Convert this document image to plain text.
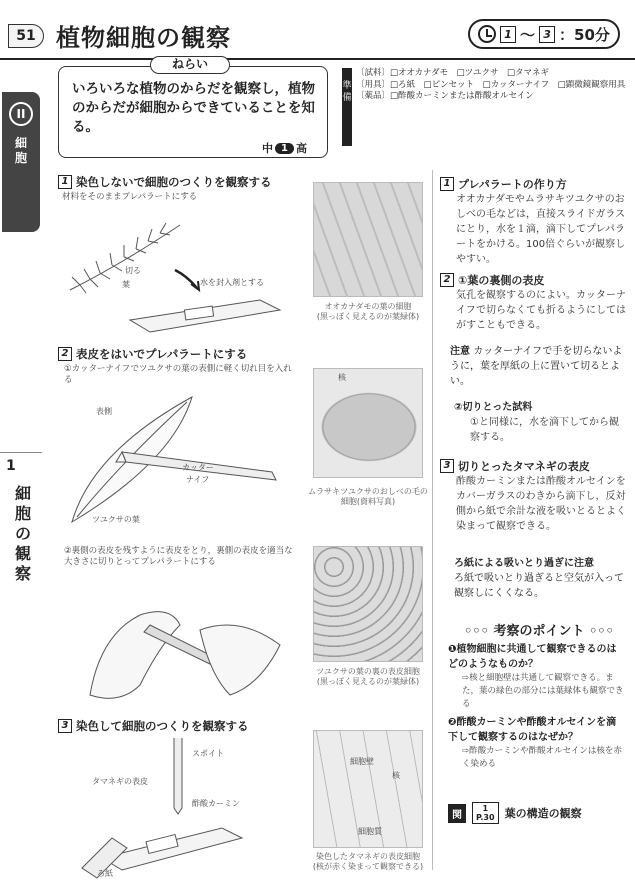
51 植物細胞の観察	1 〜 3 ：50分
II
細胞
1
細胞の観察
ねらい
いろいろな植物のからだを観察し，植物のからだが細胞からできていることを知る。
中 1 高
準備
〔試料〕□オオカナダモ　□ツユクサ　□タマネギ
〔用具〕□ろ紙　□ピンセット　□カッターナイフ　□顕微鏡観察用具
〔薬品〕□酢酸カーミンまたは酢酸オルセイン
1 染色しないで細胞のつくりを観察する
材料をそのままプレパラートにする
切る
葉	水を封入剤とする
2 表皮をはいでプレパラートにする
①カッターナイフでツユクサの葉の表側に軽く切れ目を入れる
表側
カッター
ナイフ
ツユクサの葉
②裏側の表皮を残すように表皮をとり，裏側の表皮を適当な大きさに切りとってプレパラートにする
3 染色して細胞のつくりを観察する
スポイト
タマネギの表皮
酢酸カーミン
ろ紙
オオカナダモの葉の細胞
(黒っぽく見えるのが葉緑体)
核
ムラサキツユクサのおしべの毛の細胞(資料写真)
ツユクサの葉の裏の表皮細胞
(黒っぽく見えるのが葉緑体)
細胞壁
核
細胞質
染色したタマネギの表皮細胞
(核が赤く染まって観察できる)
1 プレパラートの作り方
オオカナダモやムラサキツユクサのおしべの毛などは，直接スライドガラスにとり，水を１滴，滴下してプレパラートをかける。100倍ぐらいが観察しやすい。
2 ①葉の裏側の表皮
気孔を観察するのによい。カッターナイフで切らなくても折るようにしてはがすこともできる。
注意 カッターナイフで手を切らないように，葉を厚紙の上に置いて切るとよい。
②切りとった試料
①と同様に，水を滴下してから観察する。
3 切りとったタマネギの表皮
酢酸カーミンまたは酢酸オルセインをカバーガラスのわきから滴下し，反対側から紙で余計な液を吸いとるとよく染まって観察できる。
ろ紙による吸いとり過ぎに注意
ろ紙で吸いとり過ぎると空気が入って観察しにくくなる。
◦◦◦ 考察のポイント ◦◦◦
❶植物細胞に共通して観察できるのはどのようなものか？
⇨核と細胞壁は共通して観察できる。また，葉の緑色の部分には葉緑体も観察できる
❷酢酸カーミンや酢酸オルセインを滴下して観察するのはなぜか？
⇨酢酸カーミンや酢酸オルセインは核を赤く染める
関
1
P.30 葉の構造の観察
